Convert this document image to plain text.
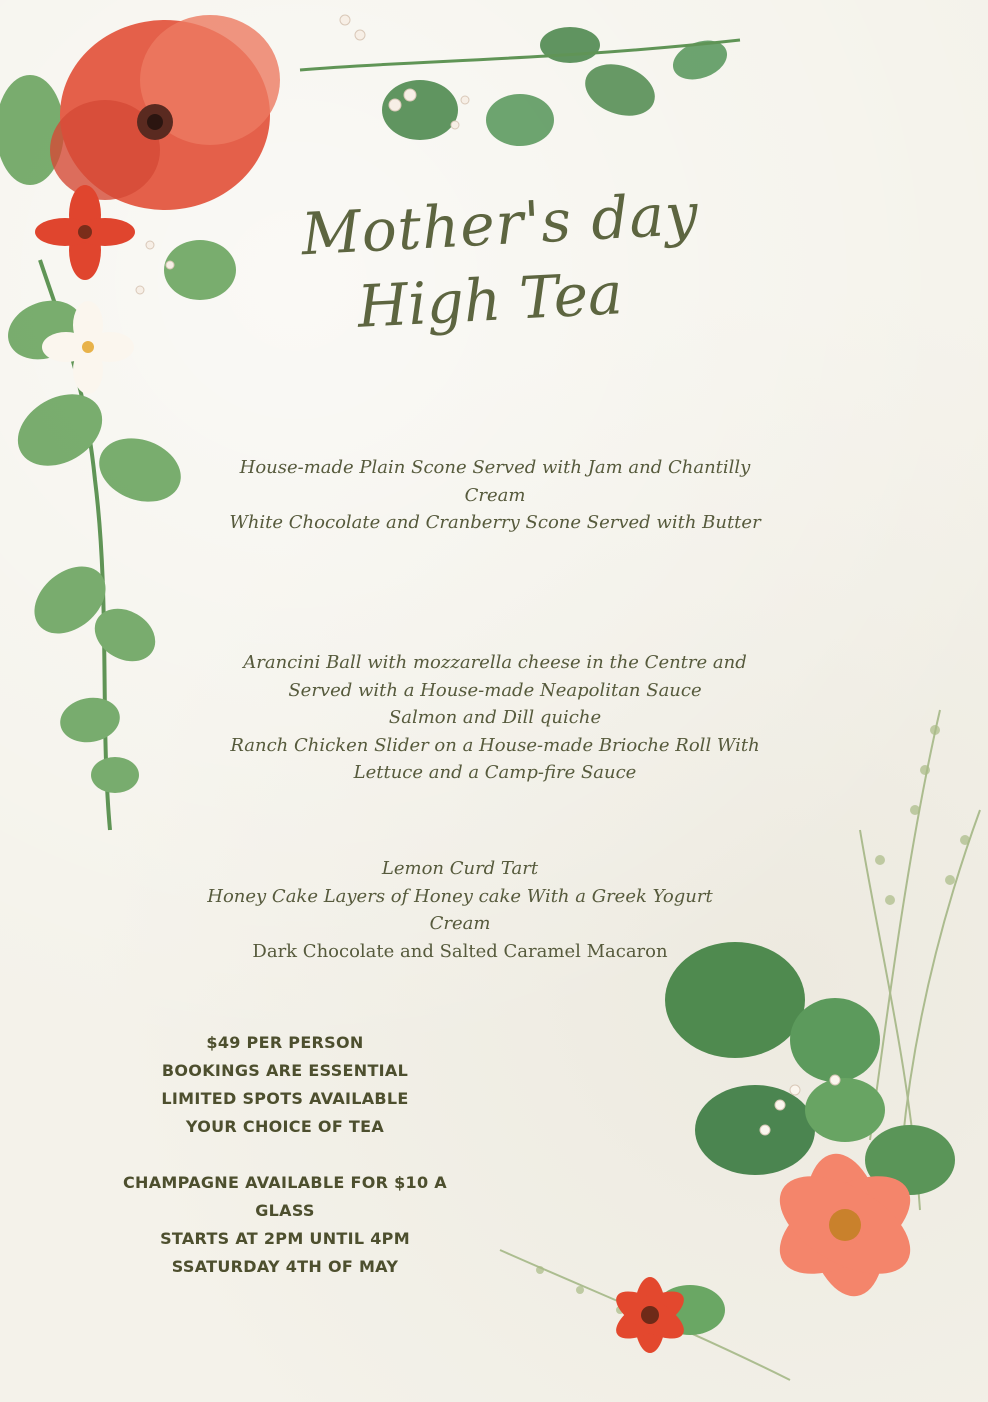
Mother's day
High Tea
House-made Plain Scone Served with Jam and Chantilly
Cream
White Chocolate and Cranberry Scone Served with Butter
Arancini Ball with mozzarella cheese in the Centre and
Served with a House-made Neapolitan Sauce
Salmon and Dill quiche
Ranch Chicken Slider on a House-made Brioche Roll With
Lettuce and a Camp-fire Sauce
Lemon Curd Tart
Honey Cake Layers of Honey cake With a Greek Yogurt
Cream
Dark Chocolate and Salted Caramel Macaron
$49 PER PERSON
BOOKINGS ARE ESSENTIAL
LIMITED SPOTS AVAILABLE
YOUR CHOICE OF TEA
CHAMPAGNE AVAILABLE FOR $10 A GLASS
STARTS AT 2PM UNTIL 4PM
SSATURDAY 4TH OF MAY
